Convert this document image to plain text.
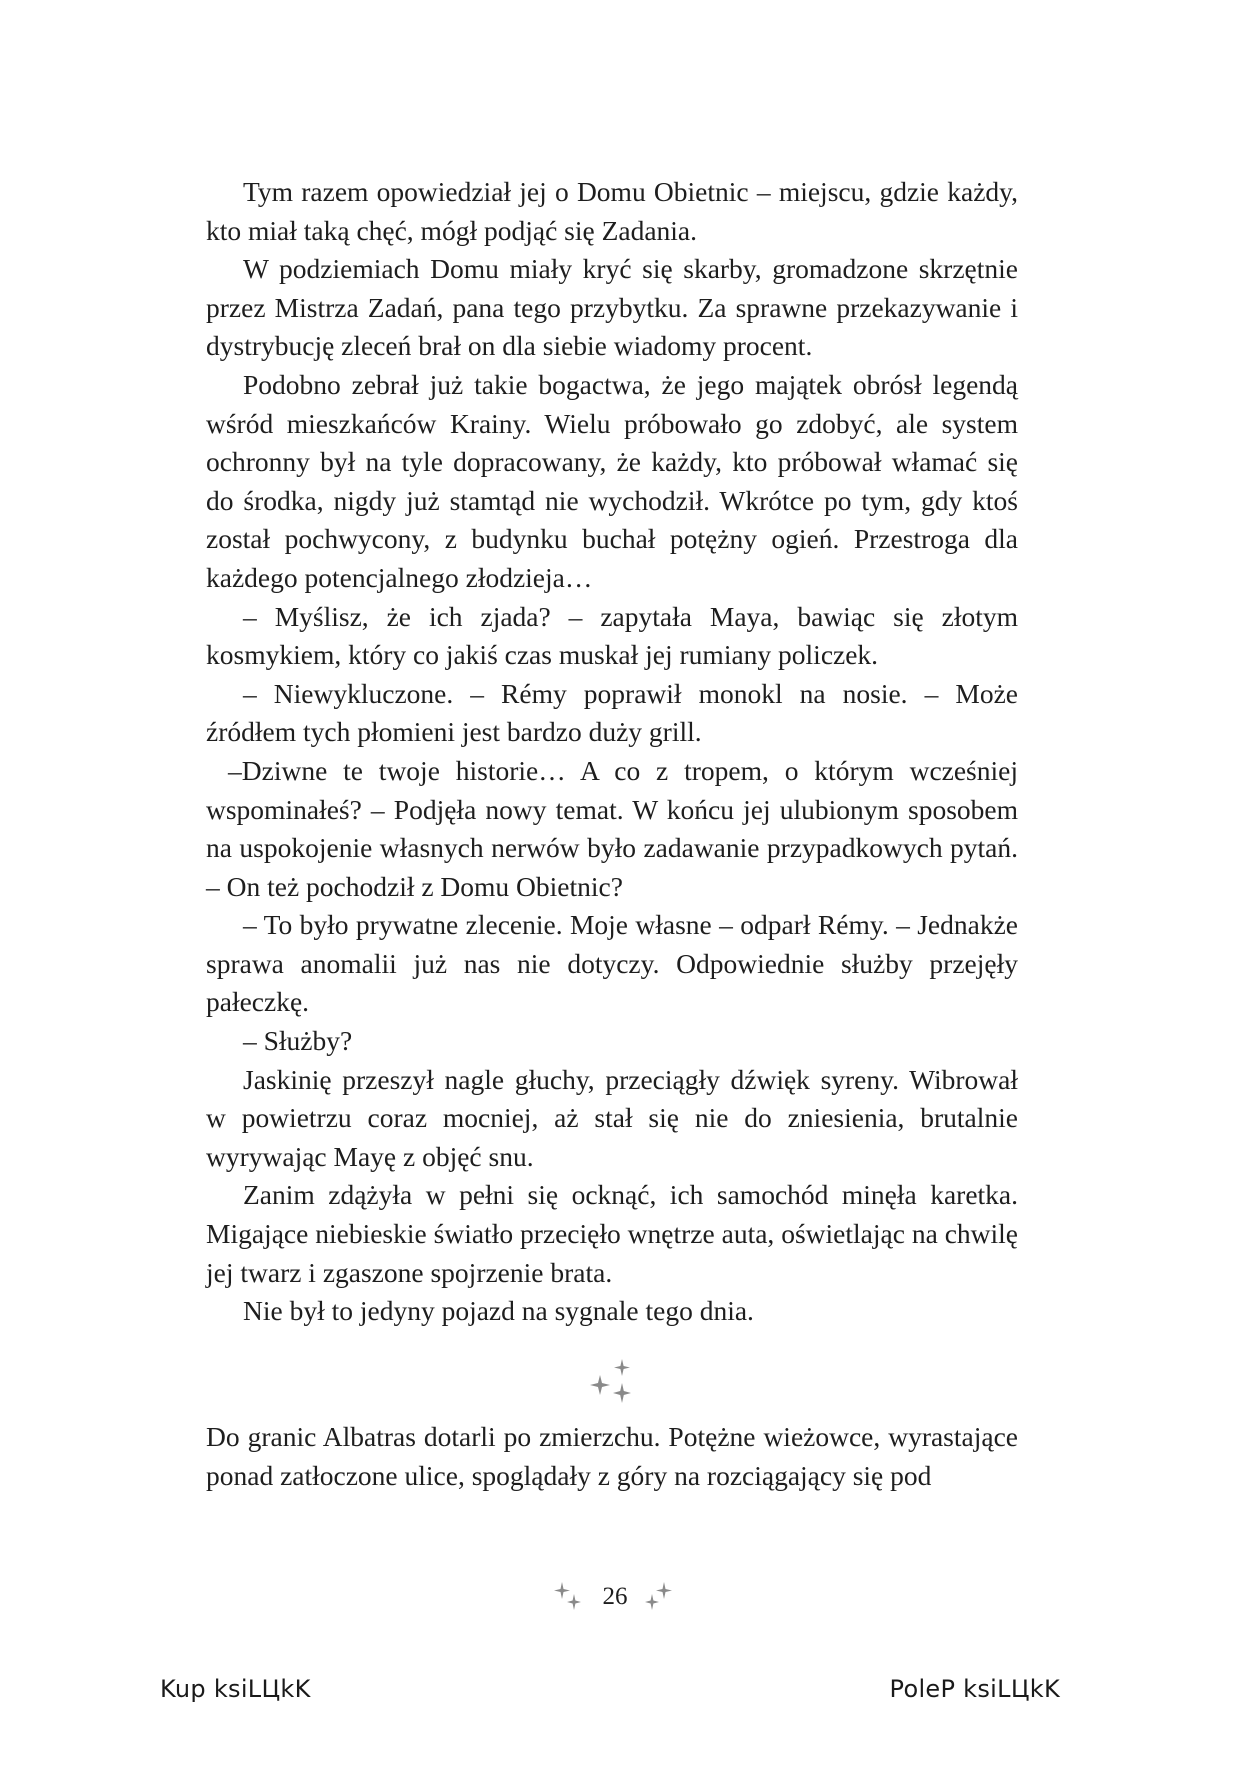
Tym razem opowiedział jej o Domu Obietnic – miejscu, gdzie każdy, kto miał taką chęć, mógł podjąć się Zadania.

W podziemiach Domu miały kryć się skarby, gromadzone skrzętnie przez Mistrza Zadań, pana tego przybytku. Za sprawne przekazywanie i dystrybucję zleceń brał on dla siebie wiadomy procent.

Podobno zebrał już takie bogactwa, że jego majątek obrósł legendą wśród mieszkańców Krainy. Wielu próbowało go zdobyć, ale system ochronny był na tyle dopracowany, że każdy, kto próbował włamać się do środka, nigdy już stamtąd nie wychodził. Wkrótce po tym, gdy ktoś został pochwycony, z budynku buchał potężny ogień. Przestroga dla każdego potencjalnego złodzieja…

– Myślisz, że ich zjada? – zapytała Maya, bawiąc się złotym kosmykiem, który co jakiś czas muskał jej rumiany policzek.

– Niewykluczone. – Rémy poprawił monokl na nosie. – Może źródłem tych płomieni jest bardzo duży grill.

–Dziwne te twoje historie… A co z tropem, o którym wcześniej wspominałeś? – Podjęła nowy temat. W końcu jej ulubionym sposobem na uspokojenie własnych nerwów było zadawanie przypadkowych pytań. – On też pochodził z Domu Obietnic?

– To było prywatne zlecenie. Moje własne – odparł Rémy. – Jednakże sprawa anomalii już nas nie dotyczy. Odpowiednie służby przejęły pałeczkę.

– Służby?

Jaskinię przeszył nagle głuchy, przeciągły dźwięk syreny. Wibrował w powietrzu coraz mocniej, aż stał się nie do zniesienia, brutalnie wyrywając Mayę z objęć snu.

Zanim zdążyła w pełni się ocknąć, ich samochód minęła karetka. Migające niebieskie światło przecięło wnętrze auta, oświetlając na chwilę jej twarz i zgaszone spojrzenie brata.

Nie był to jedyny pojazd na sygnale tego dnia.

Do granic Albatras dotarli po zmierzchu. Potężne wieżowce, wyrastające ponad zatłoczone ulice, spoglądały z góry na rozciągający się pod

26
Kup ksiLЦkK	PoleP ksiLЦkK
